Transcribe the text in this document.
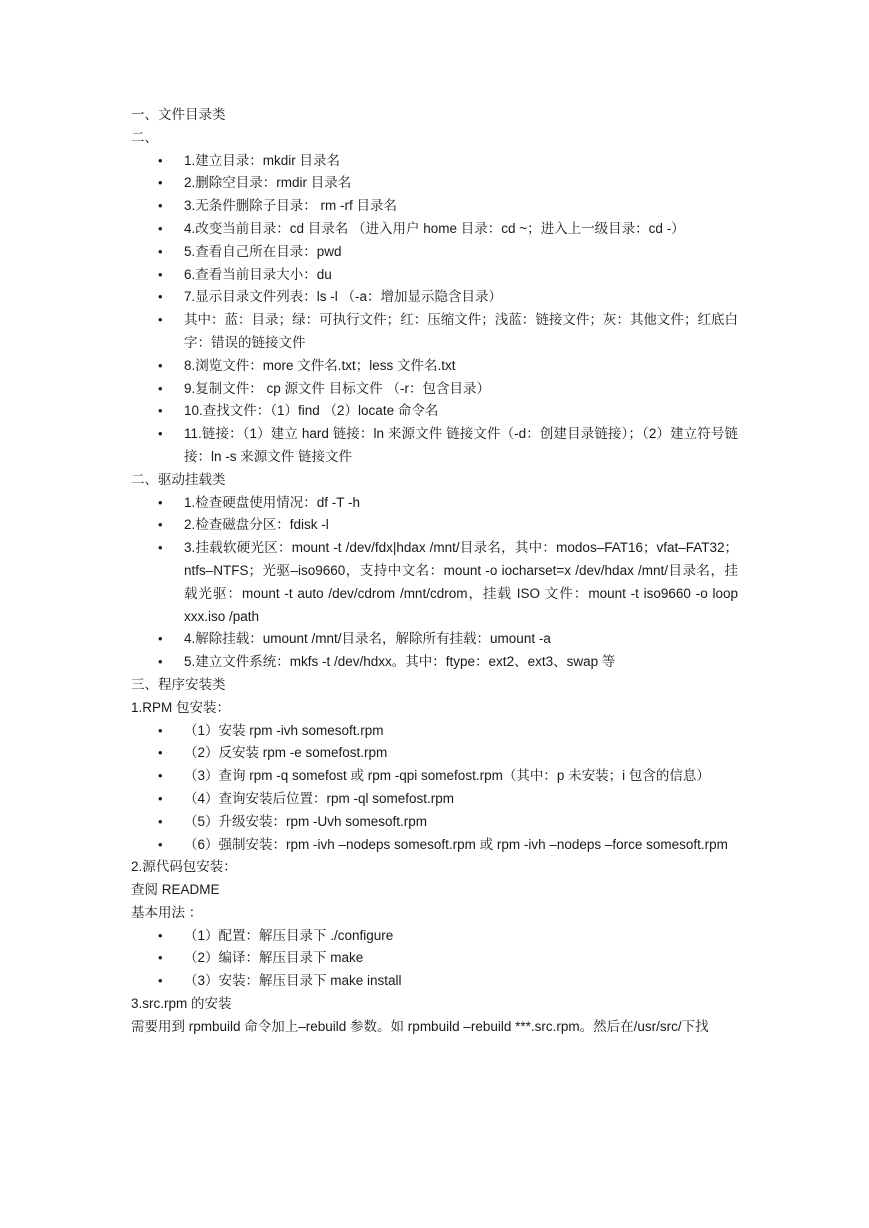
一、文件目录类

二、

• 1.建立目录：mkdir 目录名
• 2.删除空目录：rmdir 目录名
• 3.无条件删除子目录： rm -rf 目录名
• 4.改变当前目录：cd 目录名 （进入用户 home 目录：cd ~；进入上一级目录：cd -）
• 5.查看自己所在目录：pwd
• 6.查看当前目录大小：du
• 7.显示目录文件列表：ls -l （-a：增加显示隐含目录）
• 其中：蓝：目录；绿：可执行文件；红：压缩文件；浅蓝：链接文件；灰：其他文件；红底白字：错误的链接文件
• 8.浏览文件：more 文件名.txt；less 文件名.txt
• 9.复制文件： cp 源文件 目标文件 （-r：包含目录）
• 10.查找文件：（1）find （2）locate 命令名
• 11.链接：（1）建立 hard 链接：ln 来源文件 链接文件（-d：创建目录链接）；（2）建立符号链接：ln -s 来源文件 链接文件

二、驱动挂载类

• 1.检查硬盘使用情况：df -T -h
• 2.检查磁盘分区：fdisk -l
• 3.挂载软硬光区：mount -t /dev/fdx|hdax /mnt/目录名，其中：modos–FAT16；vfat–FAT32；ntfs–NTFS；光驱–iso9660，支持中文名：mount -o iocharset=x /dev/hdax /mnt/目录名，挂载光驱：mount -t auto /dev/cdrom /mnt/cdrom，挂载 ISO 文件：mount -t iso9660 -o loop xxx.iso /path
• 4.解除挂载：umount /mnt/目录名，解除所有挂载：umount -a
• 5.建立文件系统：mkfs -t /dev/hdxx。其中：ftype：ext2、ext3、swap 等

三、程序安装类

1.RPM 包安装：

• （1）安装 rpm -ivh somesoft.rpm
• （2）反安装 rpm -e somefost.rpm
• （3）查询 rpm -q somefost 或 rpm -qpi somefost.rpm（其中：p 未安装；i 包含的信息）
• （4）查询安装后位置：rpm -ql somefost.rpm
• （5）升级安装：rpm -Uvh somesoft.rpm
• （6）强制安装：rpm -ivh –nodeps somesoft.rpm 或 rpm -ivh –nodeps –force somesoft.rpm

2.源代码包安装：

查阅 README

基本用法 ：

• （1）配置：解压目录下 ./configure
• （2）编译：解压目录下 make
• （3）安装：解压目录下 make install

3.src.rpm 的安装

需要用到 rpmbuild 命令加上–rebuild 参数。如 rpmbuild –rebuild ***.src.rpm。然后在/usr/src/下找
